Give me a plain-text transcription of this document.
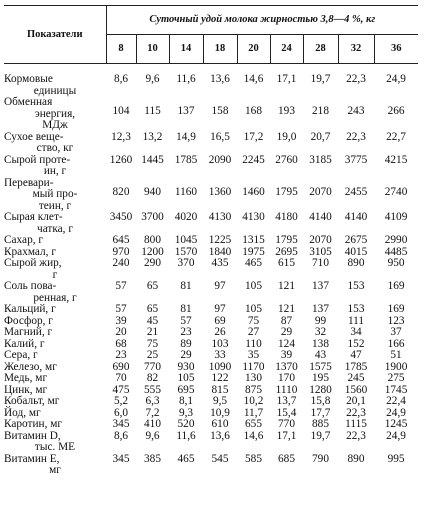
Показатели	Суточный удой молока жирностью 3,8—4 %, кг								
	8	10	14	18	20	24	28	32	36

Кормовые
единицы	8,6	9,6	11,6	13,6	14,6	17,1	19,7	22,3	24,9

Обменная
энергия,
МДж	104	115	137	158	168	193	218	243	266

Сухое веще-
ство, кг	12,3	13,2	14,9	16,5	17,2	19,0	20,7	22,3	22,7

Сырой проте-
ин, г	1260	1445	1785	2090	2245	2760	3185	3775	4215

Перевари-
мый про-
теин, г	820	940	1160	1360	1460	1795	2070	2455	2740

Сырая клет-
чатка, г	3450	3700	4020	4130	4130	4180	4140	4140	4109

Сахар, г	645	800	1045	1225	1315	1795	2070	2675	2990

Крахмал, г	970	1200	1570	1840	1975	2695	3105	4015	4485

Сырой жир,
г	240	290	370	435	465	615	710	890	950

Соль пова-
ренная, г	57	65	81	97	105	121	137	153	169

Кальций, г	57	65	81	97	105	121	137	153	169

Фосфор, г	39	45	57	69	75	87	99	111	123

Магний, г	20	21	23	26	27	29	32	34	37

Калий, г	68	75	89	103	110	124	138	152	166

Сера, г	23	25	29	33	35	39	43	47	51

Железо, мг	690	770	930	1090	1170	1370	1575	1785	1900

Медь, мг	70	82	105	122	130	170	195	245	275

Цинк, мг	475	555	695	815	875	1110	1280	1560	1745

Кобальт, мг	5,2	6,3	8,1	9,5	10,2	13,7	15,8	20,1	22,4

Йод, мг	6,0	7,2	9,3	10,9	11,7	15,4	17,7	22,3	24,9

Каротин, мг	345	410	520	610	655	770	885	1115	1245

Витамин D,
тыс. МЕ	8,6	9,6	11,6	13,6	14,6	17,1	19,7	22,3	24,9

Витамин Е,
мг	345	385	465	545	585	685	790	890	995
